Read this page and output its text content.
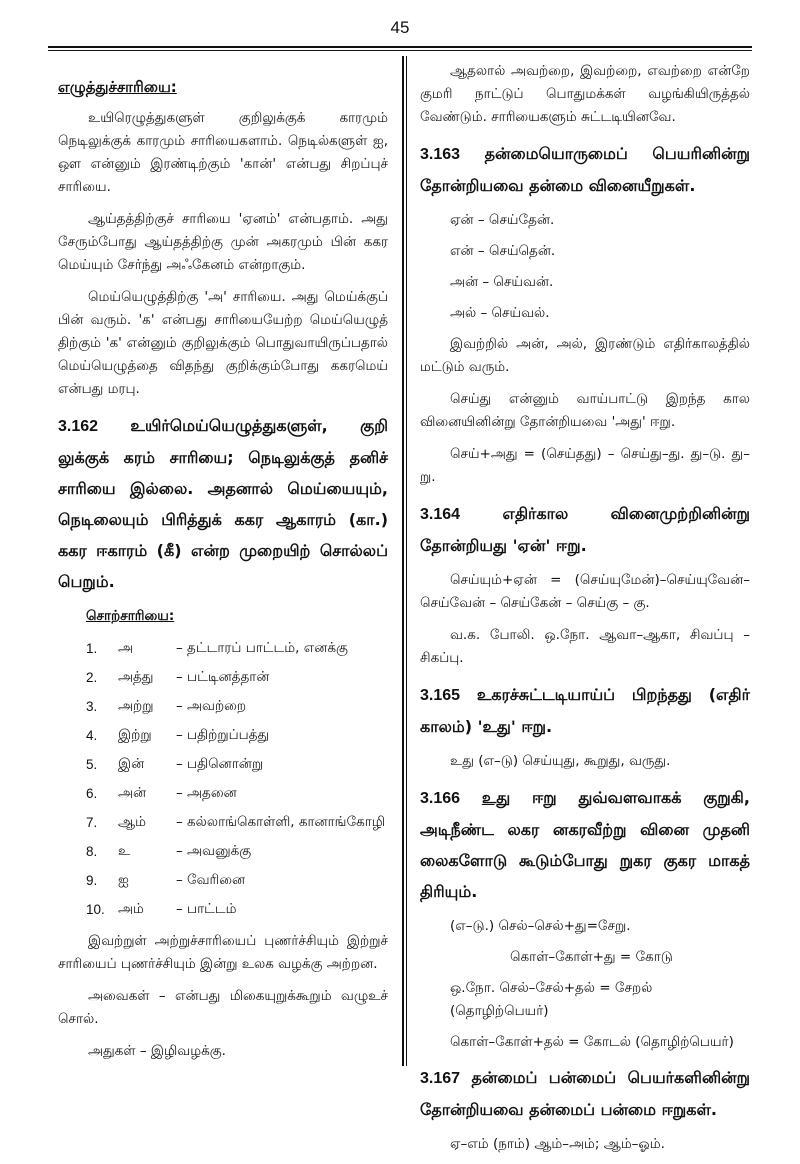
45
எழுத்துச்சாரியை:

உயிரெழுத்துகளுள் குறிலுக்குக் காரமும் நெடிலுக்குக் காரமும் சாரியைகளாம். நெடில்களுள் ஐ, ஔ என்னும் இரண்டிற்கும் 'கான்' என்பது சிறப்புச் சாரியை.

ஆய்தத்திற்குச் சாரியை 'ஏனம்' என்பதாம். அது சேரும்போது ஆய்தத்திற்கு முன் அகரமும் பின் ககர மெய்யும் சேர்ந்து அஃகேனம் என்றாகும்.

மெய்யெழுத்திற்கு 'அ' சாரியை. அது மெய்க்குப் பின் வரும். 'க' என்பது சாரியையேற்ற மெய்யெழுத் திற்கும் 'க' என்னும் குறிலுக்கும் பொதுவாயிருப்பதால் மெய்யெழுத்தை விதந்து குறிக்கும்போது ககரமெய் என்பது மரபு.

3.162 உயிர்மெய்யெழுத்துகளுள், குறி லுக்குக் கரம் சாரியை; நெடிலுக்குத் தனிச் சாரியை இல்லை. அதனால் மெய்யையும், நெடிலையும் பிரித்துக் ககர ஆகாரம் (கா.) ககர ஈகாரம் (கீ) என்ற முறையிற் சொல்லப் பெறும்.
சொற்சாரியை:
1.	அ	– தட்டாரப் பாட்டம், எனக்கு
2.	அத்து	– பட்டினத்தான்
3.	அற்று	– அவற்றை
4.	இற்று	– பதிற்றுப்பத்து
5.	இன்	– பதினொன்று
6.	அன்	– அதனை
7.	ஆம்	– கல்லாங்கொள்ளி, கானாங்கோழி
8.	உ	– அவனுக்கு
9.	ஐ	– வேரினை
10. அம்	– பாட்டம்

இவற்றுள் அற்றுச்சாரியைப் புணர்ச்சியும் இற்றுச் சாரியைப் புணர்ச்சியும் இன்று உலக வழக்கு அற்றன.

அவைகள் – என்பது மிகையுறுக்கூறும் வழுஉச் சொல்.

அதுகள் – இழிவழக்கு.

ஆதலால் அவற்றை, இவற்றை, எவற்றை என்றே குமரி நாட்டுப் பொதுமக்கள் வழங்கியிருத்தல் வேண்டும். சாரியைகளும் சுட்டடியினவே.

3.163 தன்மையொருமைப் பெயரினின்று தோன்றியவை தன்மை வினையீறுகள்.
ஏன் – செய்தேன்.
என் – செய்தென்.
அன் – செய்வன்.
அல் – செய்வல்.

இவற்றில் அன், அல், இரண்டும் எதிர்காலத்தில் மட்டும் வரும்.

செய்து என்னும் வாய்பாட்டு இறந்த கால வினையினின்று தோன்றியவை 'அது' ஈறு.

செய்+அது = (செய்தது) – செய்து–து. து–டு. து–று.

3.164	எதிர்கால வினைமுற்றினின்று தோன்றியது 'ஏன்' ஈறு.

செய்யும்+ஏன் = (செய்யுமேன்)–செய்யுவேன்– செய்வேன் – செய்கேன் – செய்கு – கு.

வ.க. போலி. ஒ.நோ. ஆவா–ஆகா, சிவப்பு – சிகப்பு.

3.165 உகரச்சுட்டடியாய்ப் பிறந்தது (எதிர் காலம்) 'உது' ஈறு.

உது (எ–டு) செய்யுது, கூறுது, வருது.

3.166 உது ஈறு துவ்வளவாகக் குறுகி, அடிநீண்ட லகர னகரவீற்று வினை முதனி லைகளோடு கூடும்போது றுகர குகர மாகத் திரியும்.
(எ–டு.) செல்–செல்+து=சேறு.
கொள்–கோள்+து = கோடு
ஒ.நோ. செல்–சேல்+தல் = சேறல் (தொழிற்பெயர்)
கொள்–கோள்+தல் = கோடல் (தொழிற்பெயர்)
3.167 தன்மைப் பன்மைப் பெயர்களினின்று தோன்றியவை தன்மைப் பன்மை ஈறுகள்.
ஏ–எம் (நாம்) ஆம்–அம்; ஆம்–ஓம்.
